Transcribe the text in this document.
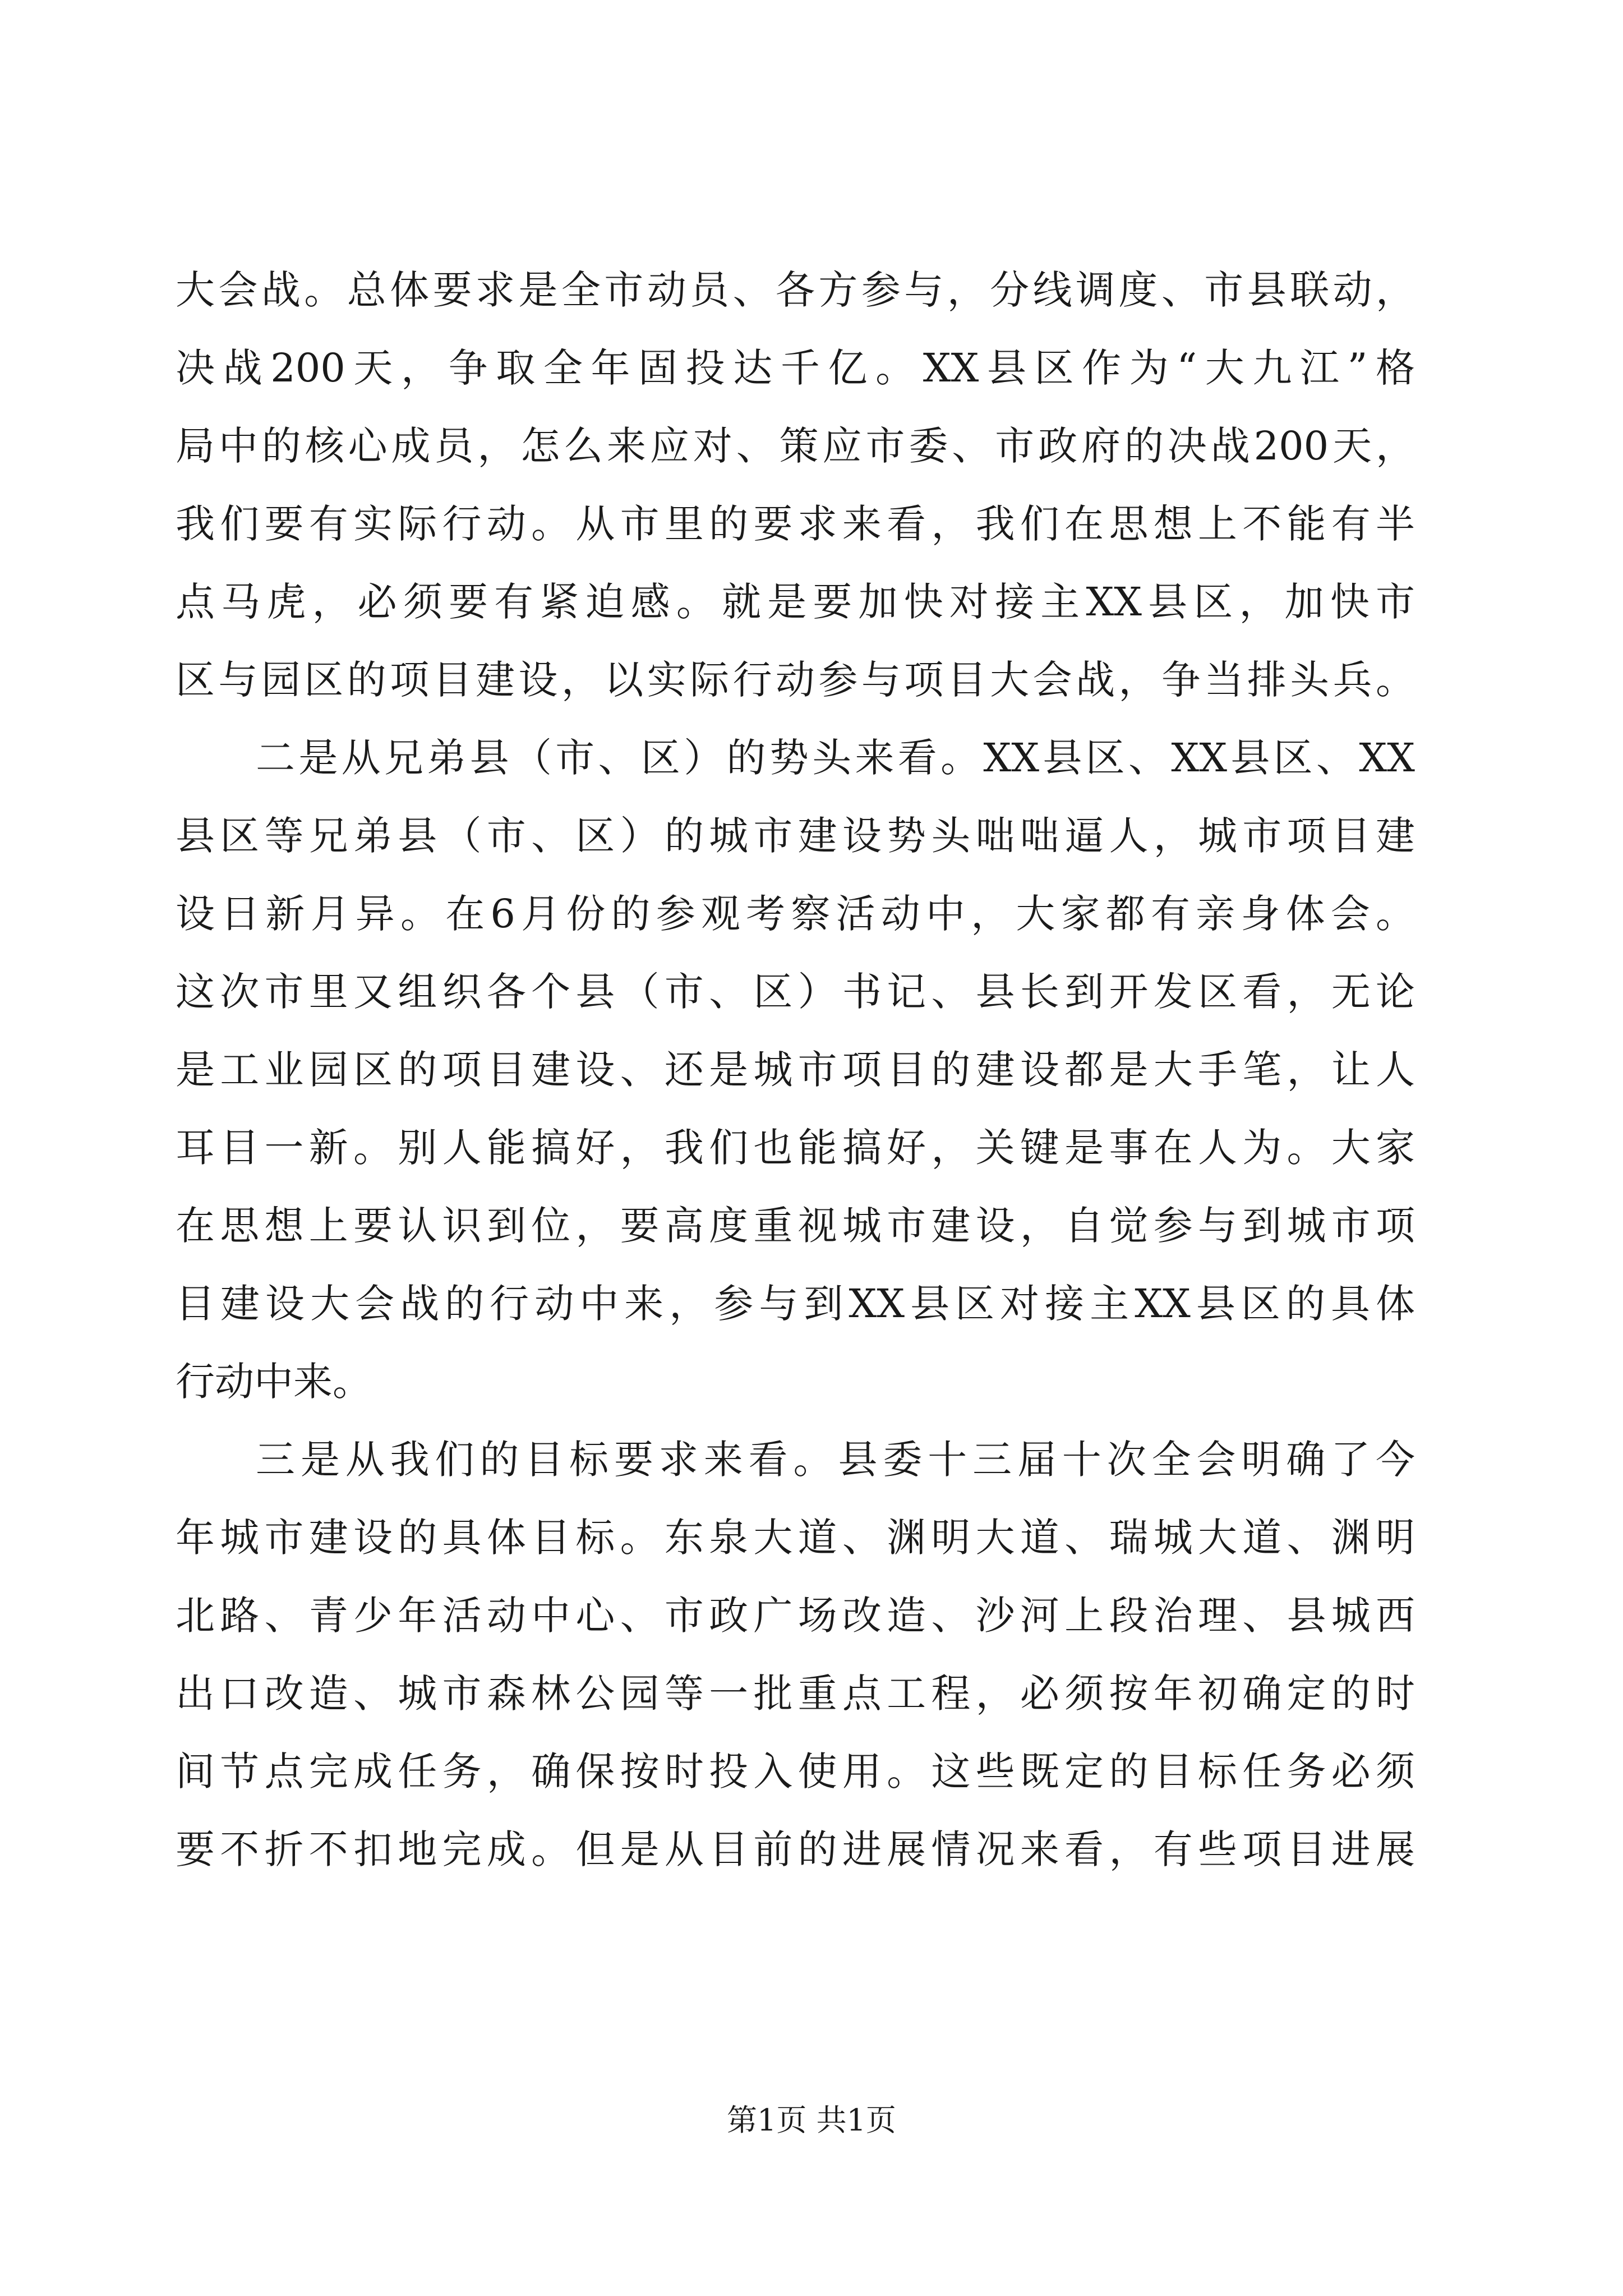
大会战。总体要求是全市动员、各方参与，分线调度、市县联动，
决战200天，争取全年固投达千亿。XX县区作为“大九江”格
局中的核心成员，怎么来应对、策应市委、市政府的决战200天，
我们要有实际行动。从市里的要求来看，我们在思想上不能有半
点马虎，必须要有紧迫感。就是要加快对接主XX县区，加快市
区与园区的项目建设，以实际行动参与项目大会战，争当排头兵。
二是从兄弟县（市、区）的势头来看。XX县区、XX县区、XX
县区等兄弟县（市、区）的城市建设势头咄咄逼人，城市项目建
设日新月异。在6月份的参观考察活动中，大家都有亲身体会。
这次市里又组织各个县（市、区）书记、县长到开发区看，无论
是工业园区的项目建设、还是城市项目的建设都是大手笔，让人
耳目一新。别人能搞好，我们也能搞好，关键是事在人为。大家
在思想上要认识到位，要高度重视城市建设，自觉参与到城市项
目建设大会战的行动中来，参与到XX县区对接主XX县区的具体
行动中来。
三是从我们的目标要求来看。县委十三届十次全会明确了今
年城市建设的具体目标。东泉大道、渊明大道、瑞城大道、渊明
北路、青少年活动中心、市政广场改造、沙河上段治理、县城西
出口改造、城市森林公园等一批重点工程，必须按年初确定的时
间节点完成任务，确保按时投入使用。这些既定的目标任务必须
要不折不扣地完成。但是从目前的进展情况来看，有些项目进展
第1页 共1页
